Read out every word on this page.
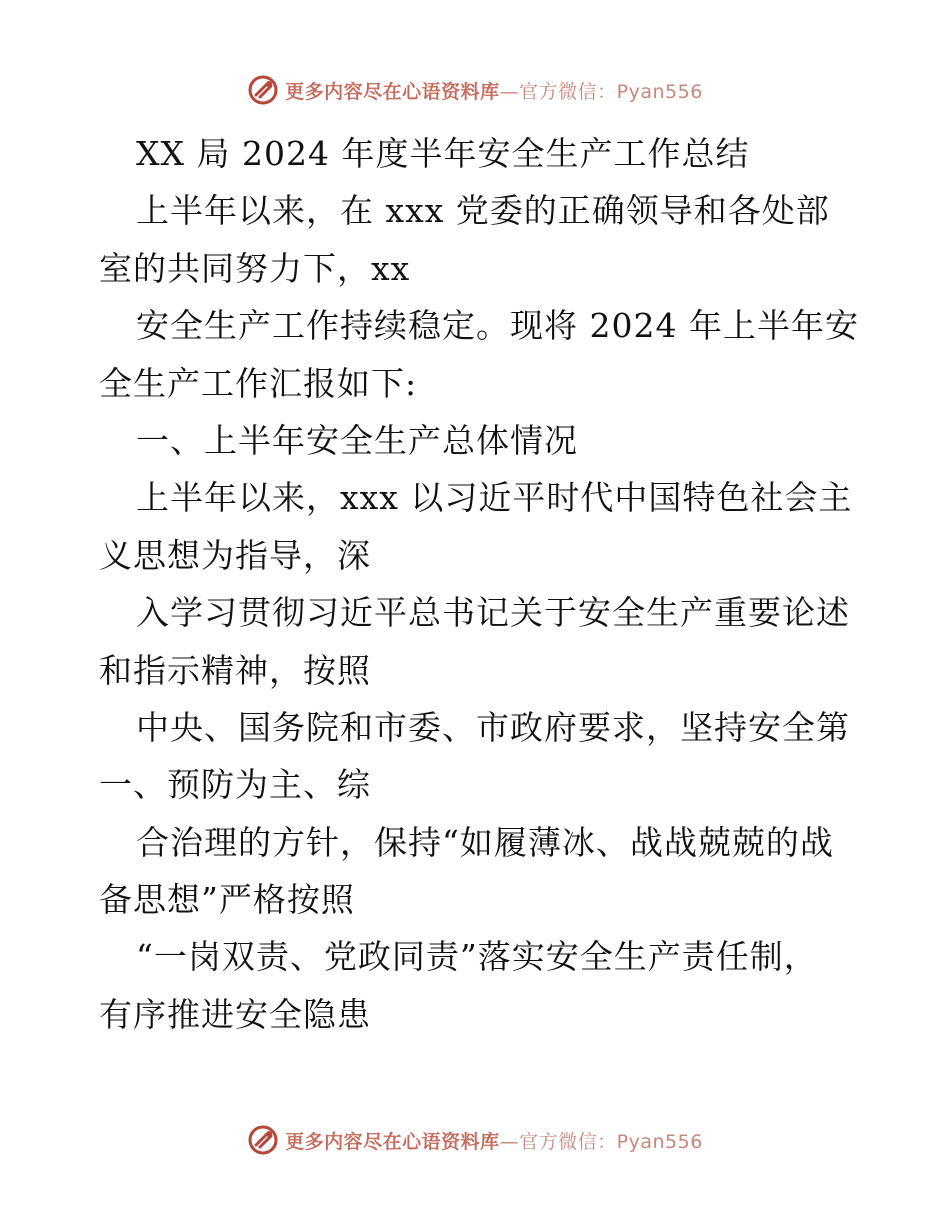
更多内容尽在心语资料库—官方微信：Pyan556
XX 局 2024 年度半年安全生产工作总结
上半年以来，在 xxx 党委的正确领导和各处部
室的共同努力下，xx
安全生产工作持续稳定。现将 2024 年上半年安
全生产工作汇报如下:
一、上半年安全生产总体情况
上半年以来，xxx 以习近平时代中国特色社会主
义思想为指导，深
入学习贯彻习近平总书记关于安全生产重要论述
和指示精神，按照
中央、国务院和市委、市政府要求，坚持安全第
一、预防为主、综
合治理的方针，保持“如履薄冰、战战兢兢的战
备思想”严格按照
“一岗双责、党政同责”落实安全生产责任制，
有序推进安全隐患
更多内容尽在心语资料库—官方微信：Pyan556
